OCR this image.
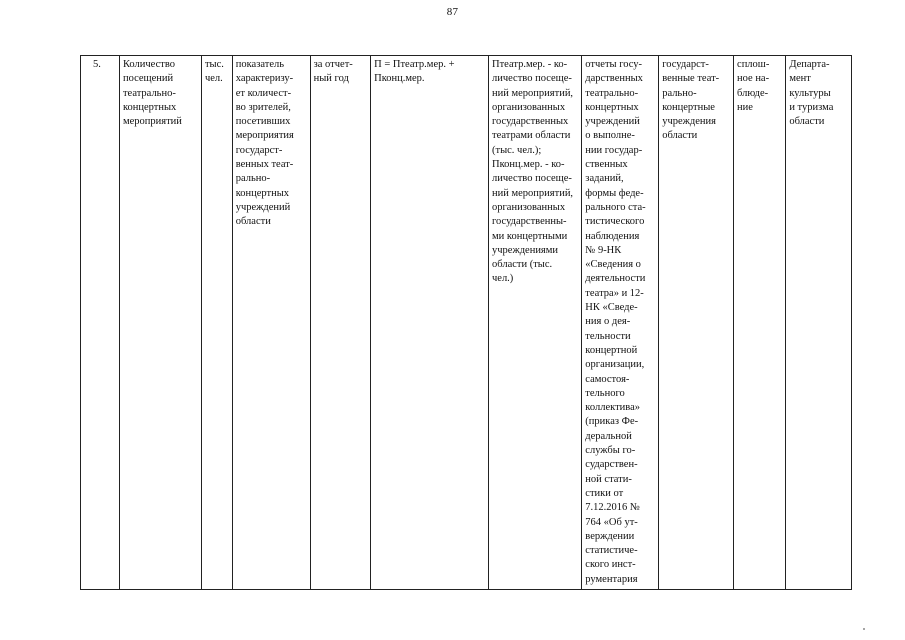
87
5.	Количество
посещений
театрально-
концертных
мероприятий	тыс.
чел.	показатель
характеризу-
ет количест-
во зрителей,
посетивших
мероприятия
государст-
венных теат-
рально-
концертных
учреждений
области	за отчет-
ный год	П = Птеатр.мер. +
Пконц.мер.	Птеатр.мер. - ко-
личество посеще-
ний мероприятий,
организованных
государственных
театрами области
(тыс. чел.);
Пконц.мер. - ко-
личество посеще-
ний мероприятий,
организованных
государственны-
ми концертными
учреждениями
области (тыс.
чел.)	отчеты госу-
дарственных
театрально-
концертных
учреждений
о выполне-
нии государ-
ственных
заданий,
формы феде-
рального ста-
тистического
наблюдения
№ 9-НК
«Сведения о
деятельности
театра» и 12-
НК «Сведе-
ния о дея-
тельности
концертной
организации,
самостоя-
тельного
коллектива»
(приказ Фе-
деральной
службы го-
сударствен-
ной стати-
стики от
7.12.2016 №
764 «Об ут-
верждении
статистиче-
ского инст-
рументария	государст-
венные теат-
рально-
концертные
учреждения
области	сплош-
ное на-
блюде-
ние	Департа-
мент
культуры
и туризма
области
